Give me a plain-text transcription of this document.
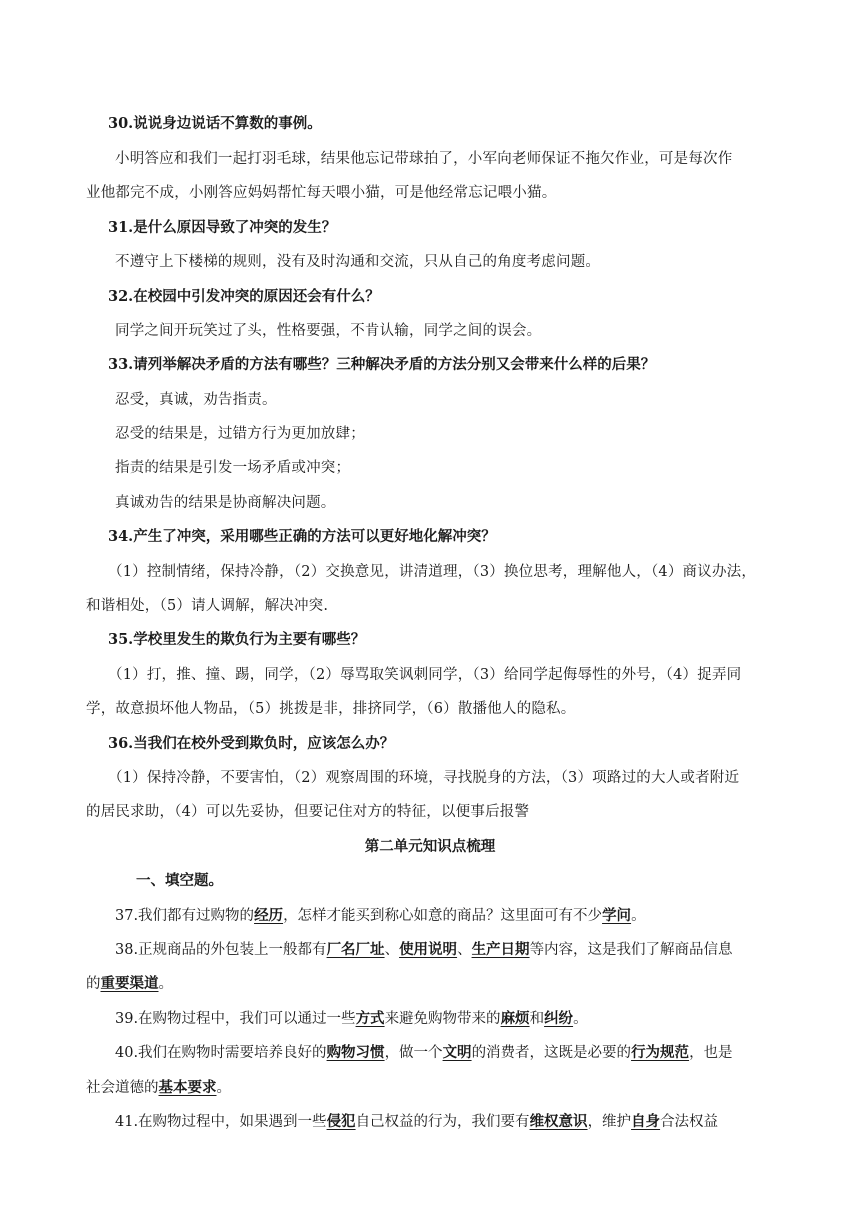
30.说说身边说话不算数的事例。
小明答应和我们一起打羽毛球，结果他忘记带球拍了，小军向老师保证不拖欠作业，可是每次作
业他都完不成，小刚答应妈妈帮忙每天喂小猫，可是他经常忘记喂小猫。
31.是什么原因导致了冲突的发生？
不遵守上下楼梯的规则，没有及时沟通和交流，只从自己的角度考虑问题。
32.在校园中引发冲突的原因还会有什么？
同学之间开玩笑过了头，性格要强，不肯认输，同学之间的误会。
33.请列举解决矛盾的方法有哪些？三种解决矛盾的方法分别又会带来什么样的后果？
忍受，真诚，劝告指责。
忍受的结果是，过错方行为更加放肆；
指责的结果是引发一场矛盾或冲突；
真诚劝告的结果是协商解决问题。
34.产生了冲突，采用哪些正确的方法可以更好地化解冲突？
（1）控制情绪，保持冷静，（2）交换意见，讲清道理，（3）换位思考，理解他人，（4）商议办法，
和谐相处，（5）请人调解，解决冲突.
35.学校里发生的欺负行为主要有哪些？
（1）打，推、撞、踢，同学，（2）辱骂取笑讽刺同学，（3）给同学起侮辱性的外号，（4）捉弄同
学，故意损坏他人物品，（5）挑拨是非，排挤同学，（6）散播他人的隐私。
36.当我们在校外受到欺负时，应该怎么办？
（1）保持冷静，不要害怕，（2）观察周围的环境，寻找脱身的方法，（3）项路过的大人或者附近
的居民求助，（4）可以先妥协，但要记住对方的特征，以便事后报警
第二单元知识点梳理
一、填空题。
37.我们都有过购物的经历，怎样才能买到称心如意的商品？这里面可有不少学问。
38.正规商品的外包装上一般都有厂名厂址、使用说明、生产日期等内容，这是我们了解商品信息
的重要渠道。
39.在购物过程中，我们可以通过一些方式来避免购物带来的麻烦和纠纷。
40.我们在购物时需要培养良好的购物习惯，做一个文明的消费者，这既是必要的行为规范，也是
社会道德的基本要求。
41.在购物过程中，如果遇到一些侵犯自己权益的行为，我们要有维权意识，维护自身合法权益
